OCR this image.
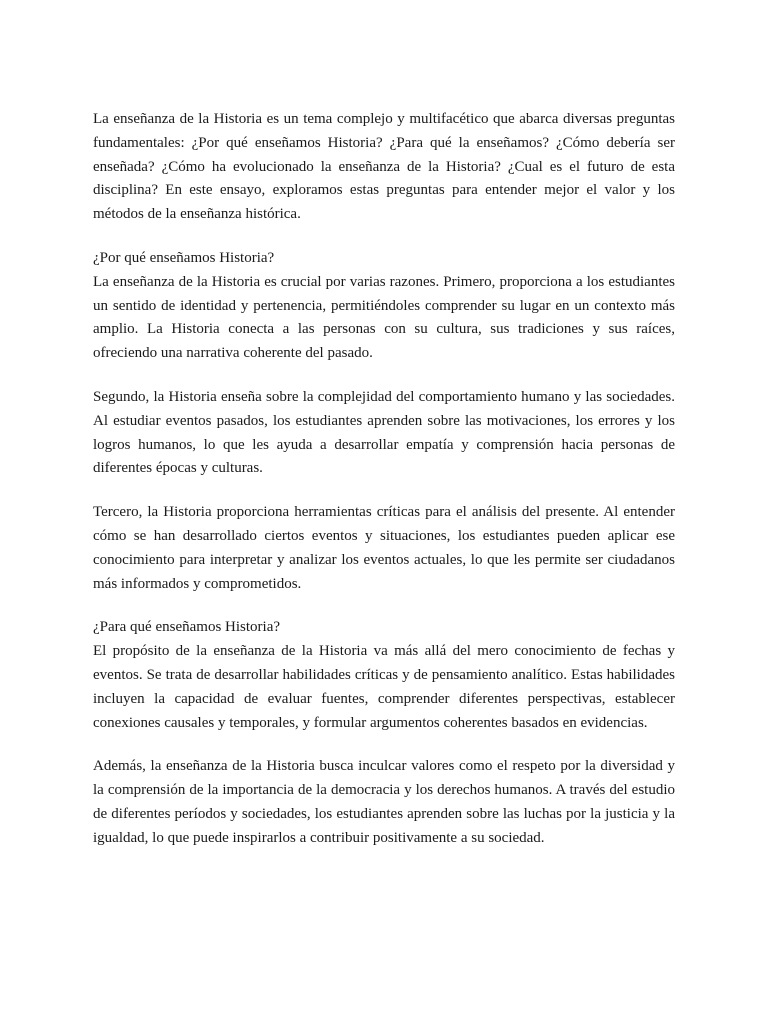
La enseñanza de la Historia es un tema complejo y multifacético que abarca diversas preguntas fundamentales: ¿Por qué enseñamos Historia? ¿Para qué la enseñamos? ¿Cómo debería ser enseñada? ¿Cómo ha evolucionado la enseñanza de la Historia? ¿Cual es el futuro de esta disciplina? En este ensayo, exploramos estas preguntas para entender mejor el valor y los métodos de la enseñanza histórica.

¿Por qué enseñamos Historia?

La enseñanza de la Historia es crucial por varias razones. Primero, proporciona a los estudiantes un sentido de identidad y pertenencia, permitiéndoles comprender su lugar en un contexto más amplio. La Historia conecta a las personas con su cultura, sus tradiciones y sus raíces, ofreciendo una narrativa coherente del pasado.

Segundo, la Historia enseña sobre la complejidad del comportamiento humano y las sociedades. Al estudiar eventos pasados, los estudiantes aprenden sobre las motivaciones, los errores y los logros humanos, lo que les ayuda a desarrollar empatía y comprensión hacia personas de diferentes épocas y culturas.

Tercero, la Historia proporciona herramientas críticas para el análisis del presente. Al entender cómo se han desarrollado ciertos eventos y situaciones, los estudiantes pueden aplicar ese conocimiento para interpretar y analizar los eventos actuales, lo que les permite ser ciudadanos más informados y comprometidos.

¿Para qué enseñamos Historia?

El propósito de la enseñanza de la Historia va más allá del mero conocimiento de fechas y eventos. Se trata de desarrollar habilidades críticas y de pensamiento analítico. Estas habilidades incluyen la capacidad de evaluar fuentes, comprender diferentes perspectivas, establecer conexiones causales y temporales, y formular argumentos coherentes basados en evidencias.

Además, la enseñanza de la Historia busca inculcar valores como el respeto por la diversidad y la comprensión de la importancia de la democracia y los derechos humanos. A través del estudio de diferentes períodos y sociedades, los estudiantes aprenden sobre las luchas por la justicia y la igualdad, lo que puede inspirarlos a contribuir positivamente a su sociedad.
